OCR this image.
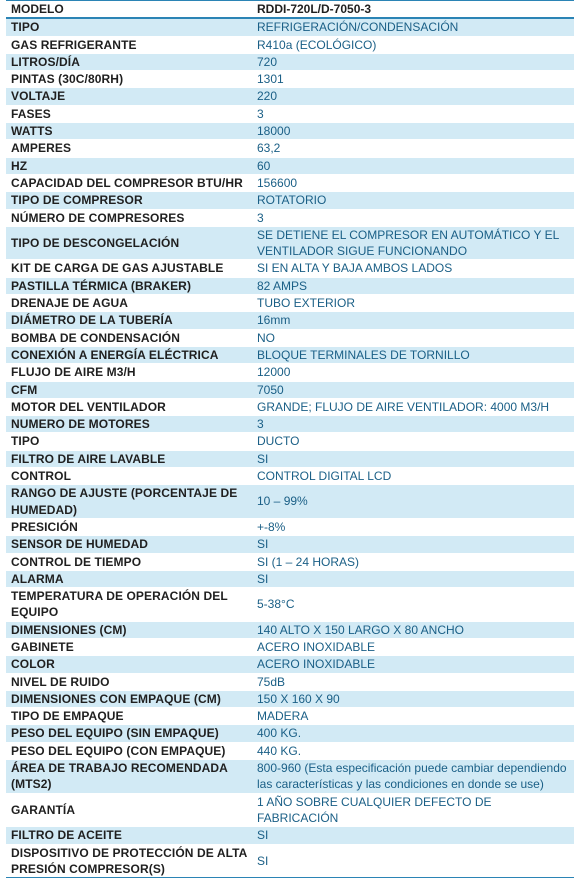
MODELO	RDDI-720L/D-7050-3
TIPO	REFRIGERACIÓN/CONDENSACIÓN
GAS REFRIGERANTE	R410a (ECOLÓGICO)
LITROS/DÍA	720
PINTAS (30C/80RH)	1301
VOLTAJE	220
FASES	3
WATTS	18000
AMPERES	63,2
HZ	60
CAPACIDAD DEL COMPRESOR BTU/HR	156600
TIPO DE COMPRESOR	ROTATORIO
NÚMERO DE COMPRESORES	3
TIPO DE DESCONGELACIÓN	SE DETIENE EL COMPRESOR EN AUTOMÁTICO Y EL VENTILADOR SIGUE FUNCIONANDO
KIT DE CARGA DE GAS AJUSTABLE	SI EN ALTA Y BAJA AMBOS LADOS
PASTILLA TÉRMICA (BRAKER)	82 AMPS
DRENAJE DE AGUA	TUBO EXTERIOR
DIÁMETRO DE LA TUBERÍA	16mm
BOMBA DE CONDENSACIÓN	NO
CONEXIÓN A ENERGÍA ELÉCTRICA	BLOQUE TERMINALES DE TORNILLO
FLUJO DE AIRE M3/H	12000
CFM	7050
MOTOR DEL VENTILADOR	GRANDE; FLUJO DE AIRE VENTILADOR: 4000 M3/H
NUMERO DE MOTORES	3
TIPO	DUCTO
FILTRO DE AIRE LAVABLE	SI
CONTROL	CONTROL DIGITAL LCD
RANGO DE AJUSTE (PORCENTAJE DE HUMEDAD)	10 – 99%
PRESICIÓN	+-8%
SENSOR DE HUMEDAD	SI
CONTROL DE TIEMPO	SI (1 – 24 HORAS)
ALARMA	SI
TEMPERATURA DE OPERACIÓN DEL EQUIPO	5-38°C
DIMENSIONES (CM)	140 ALTO X 150 LARGO X 80 ANCHO
GABINETE	ACERO INOXIDABLE
COLOR	ACERO INOXIDABLE
NIVEL DE RUIDO	75dB
DIMENSIONES CON EMPAQUE (CM)	150 X 160 X 90
TIPO DE EMPAQUE	MADERA
PESO DEL EQUIPO (SIN EMPAQUE)	400 KG.
PESO DEL EQUIPO (CON EMPAQUE)	440 KG.
ÁREA DE TRABAJO RECOMENDADA (MTS2)	800-960 (Esta especificación puede cambiar dependiendo las características y las condiciones en donde se use)
GARANTÍA	1 AÑO SOBRE CUALQUIER DEFECTO DE FABRICACIÓN
FILTRO DE ACEITE	SI
DISPOSITIVO DE PROTECCIÓN DE ALTA PRESIÓN COMPRESOR(S)	SI
